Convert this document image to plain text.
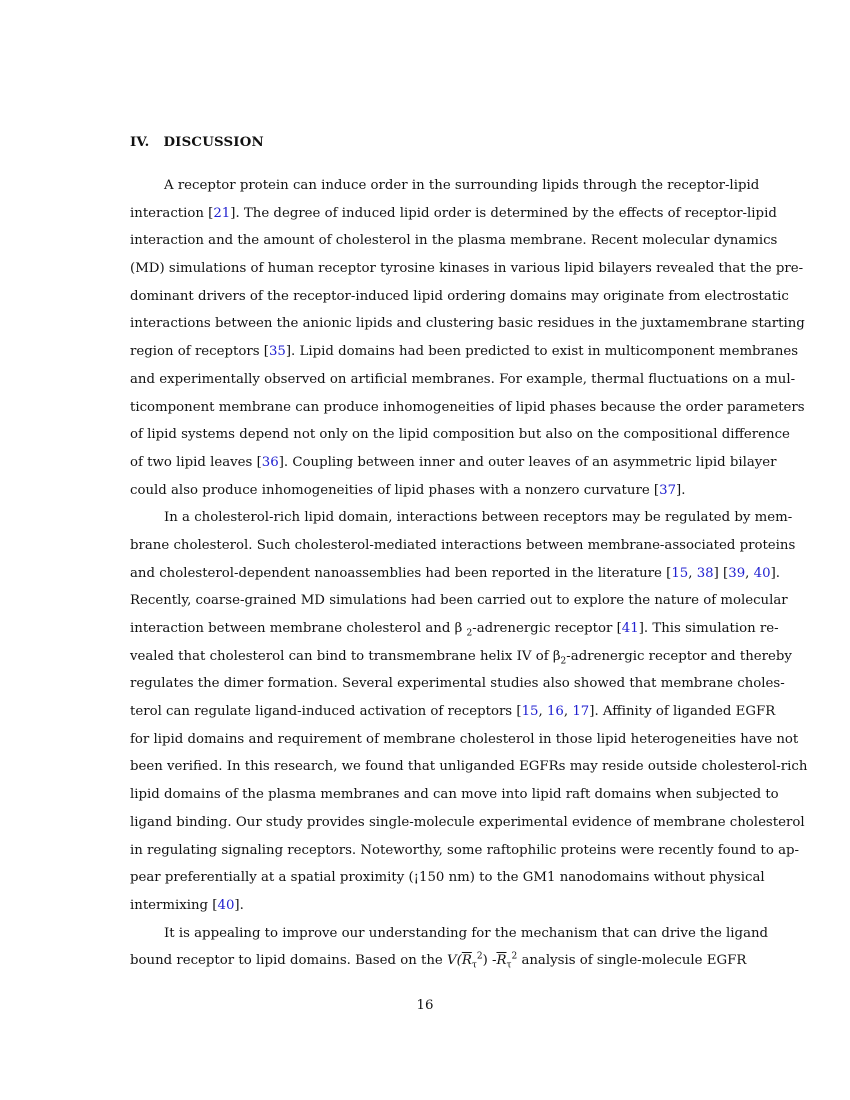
IV. DISCUSSION
A receptor protein can induce order in the surrounding lipids through the receptor-lipid
interaction [21]. The degree of induced lipid order is determined by the effects of receptor-lipid
interaction and the amount of cholesterol in the plasma membrane. Recent molecular dynamics
(MD) simulations of human receptor tyrosine kinases in various lipid bilayers revealed that the pre-
dominant drivers of the receptor-induced lipid ordering domains may originate from electrostatic
interactions between the anionic lipids and clustering basic residues in the juxtamembrane starting
region of receptors [35]. Lipid domains had been predicted to exist in multicomponent membranes
and experimentally observed on artificial membranes. For example, thermal fluctuations on a mul-
ticomponent membrane can produce inhomogeneities of lipid phases because the order parameters
of lipid systems depend not only on the lipid composition but also on the compositional difference
of two lipid leaves [36]. Coupling between inner and outer leaves of an asymmetric lipid bilayer
could also produce inhomogeneities of lipid phases with a nonzero curvature [37].
In a cholesterol-rich lipid domain, interactions between receptors may be regulated by mem-
brane cholesterol. Such cholesterol-mediated interactions between membrane-associated proteins
and cholesterol-dependent nanoassemblies had been reported in the literature [15, 38] [39, 40].
Recently, coarse-grained MD simulations had been carried out to explore the nature of molecular
interaction between membrane cholesterol and β $_2$-adrenergic receptor [41]. This simulation re-
vealed that cholesterol can bind to transmembrane helix IV of $\beta_2$-adrenergic receptor and thereby
regulates the dimer formation. Several experimental studies also showed that membrane choles-
terol can regulate ligand-induced activation of receptors [15, 16, 17]. Affinity of liganded EGFR
for lipid domains and requirement of membrane cholesterol in those lipid heterogeneities have not
been verified. In this research, we found that unliganded EGFRs may reside outside cholesterol-rich
lipid domains of the plasma membranes and can move into lipid raft domains when subjected to
ligand binding. Our study provides single-molecule experimental evidence of membrane cholesterol
in regulating signaling receptors. Noteworthy, some raftophilic proteins were recently found to ap-
pear preferentially at a spatial proximity (¡150 nm) to the GM1 nanodomains without physical
intermixing [40].
It is appealing to improve our understanding for the mechanism that can drive the ligand
bound receptor to lipid domains. Based on the $V(\overline{R}_\tau^2)$ $-\overline{R}_\tau^2$ analysis of single-molecule EGFR
16
